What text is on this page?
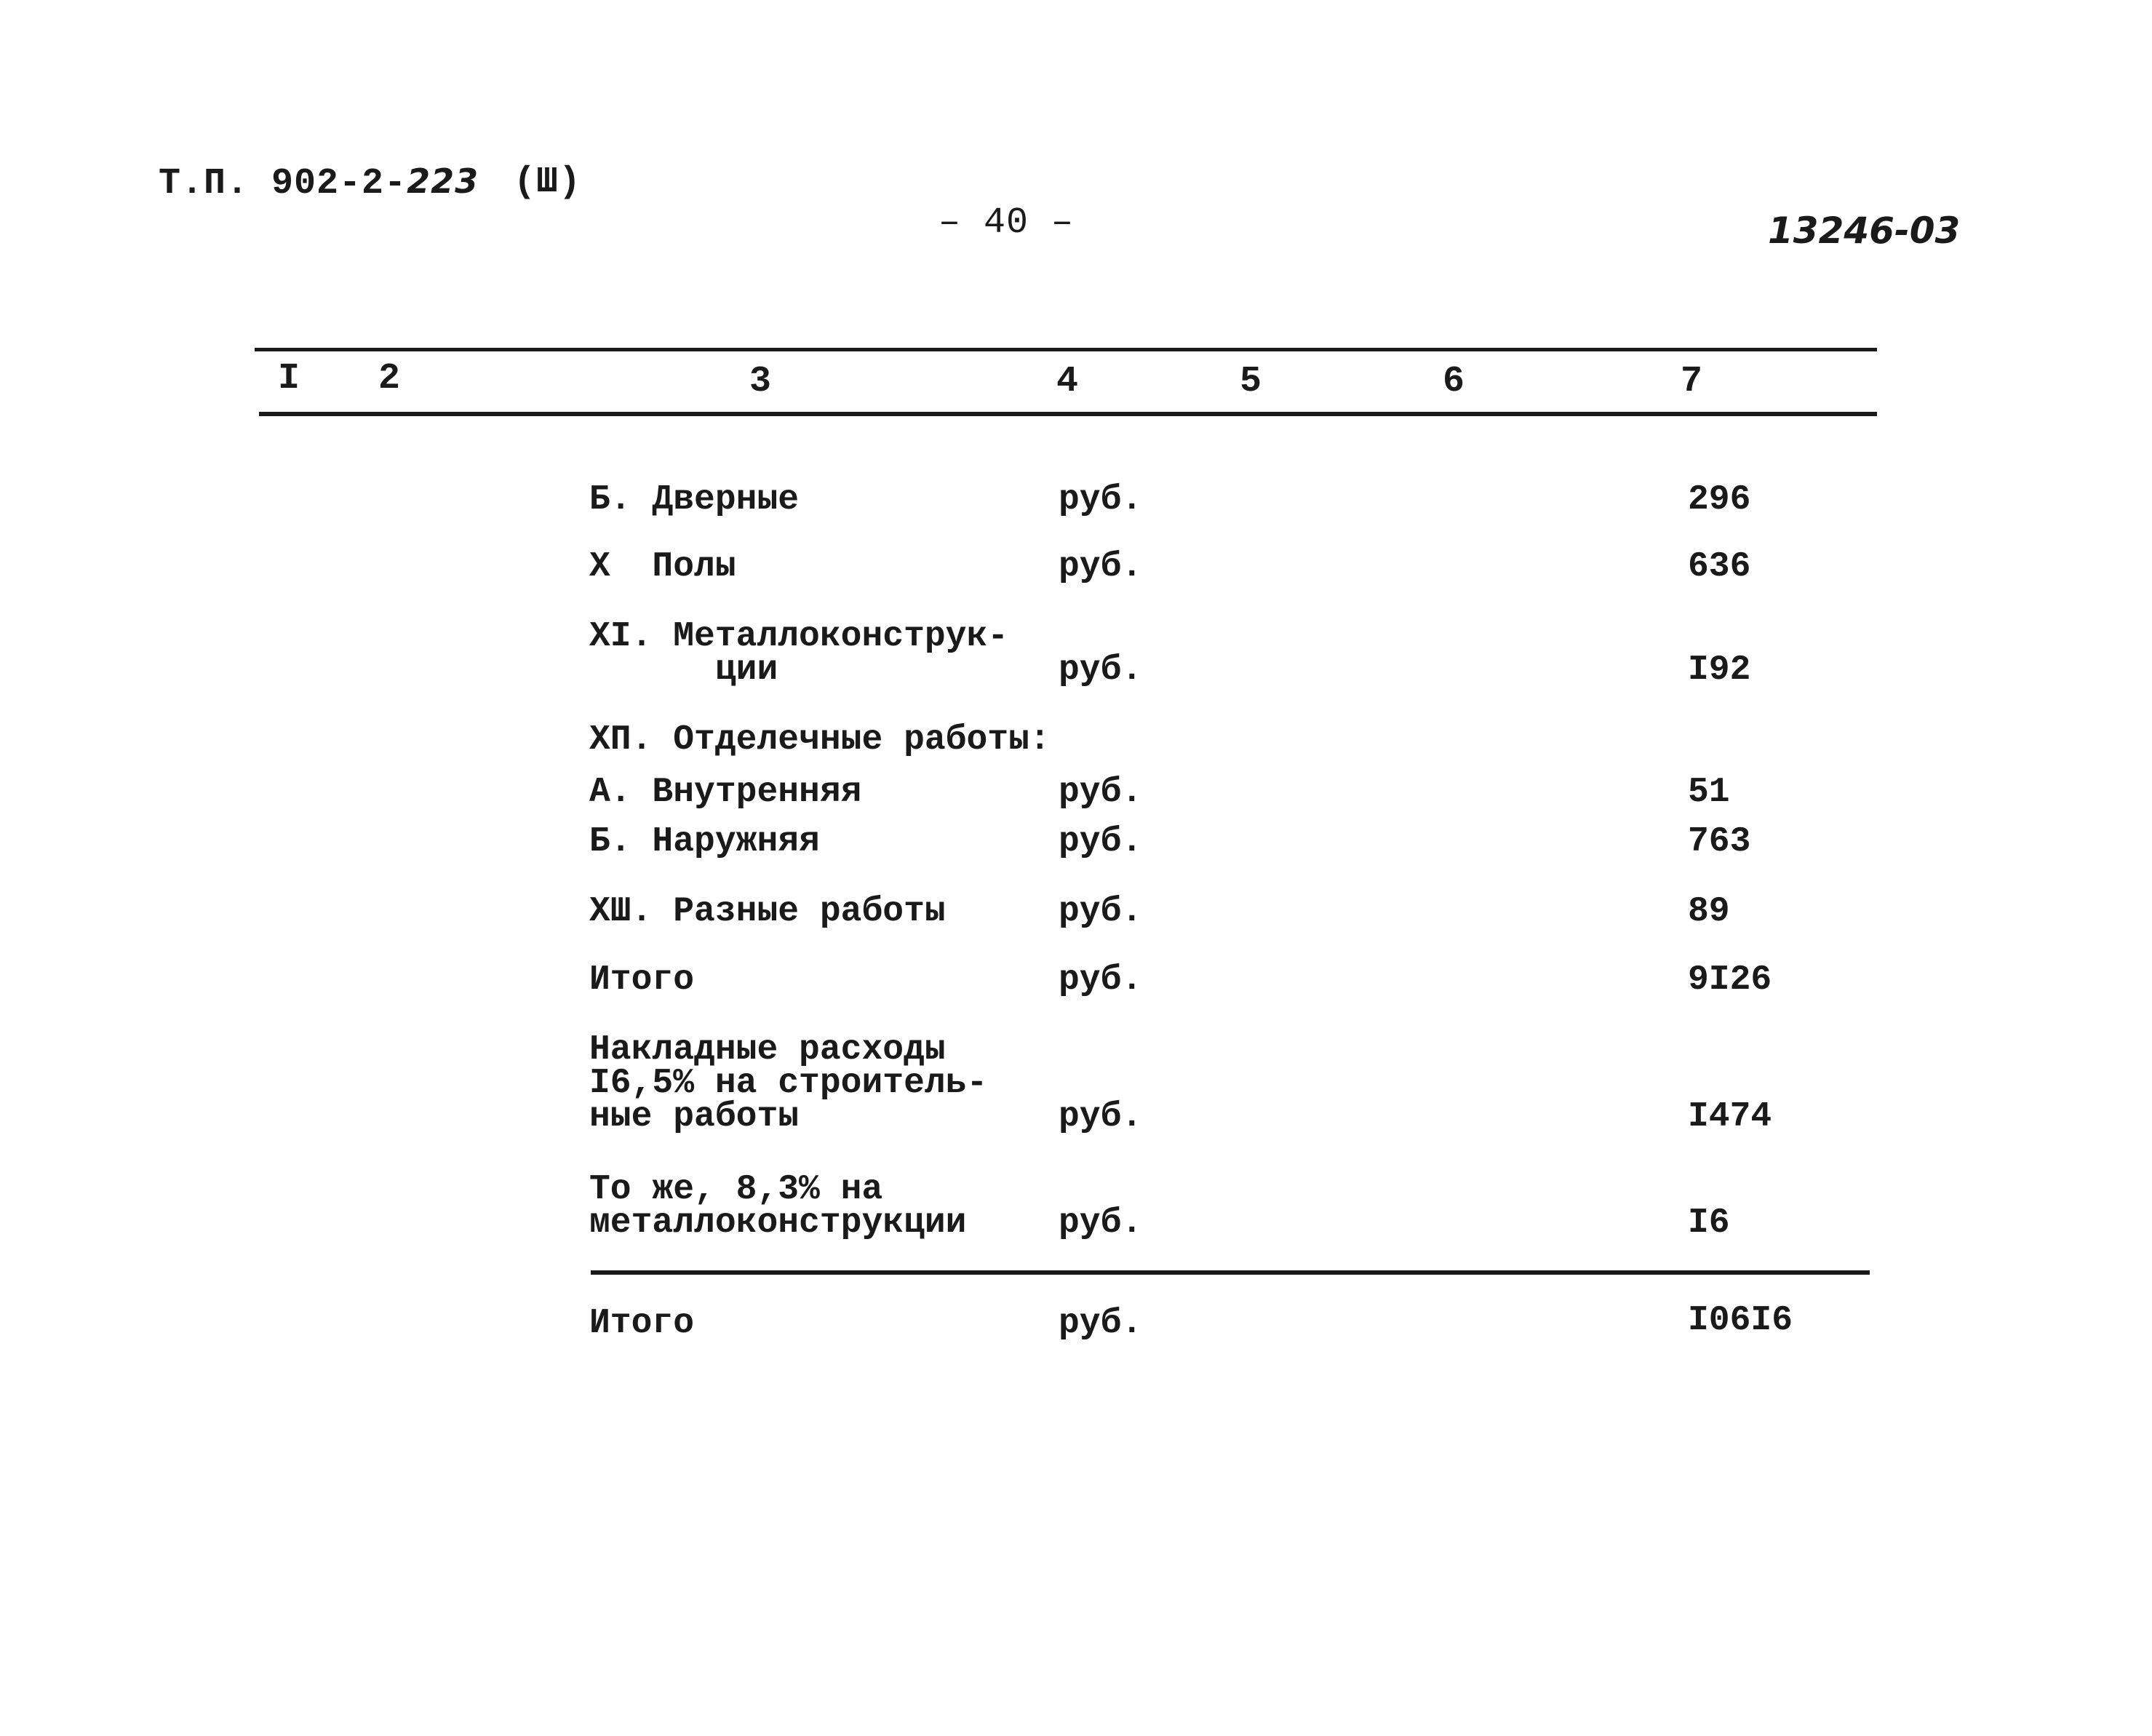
Т.П. 902-2-223 (Ш)
– 40 –	13246-03
I 2	3	4	5	6	7
Б. Дверные	руб.	296
Х  Полы	руб.	636
XI. Металлоконструк-
ции	руб.	I92
XП. Отделечные работы:
А. Внутренняя	руб.	51
Б. Наружняя	руб.	763
XШ. Разные работы	руб.	89
Итого	руб.	9I26
Накладные расходы
I6,5% на строитель-
ные работы	руб.	I474
То же, 8,3% на
металлоконструкции	руб.	I6
Итого	руб.	I06I6
